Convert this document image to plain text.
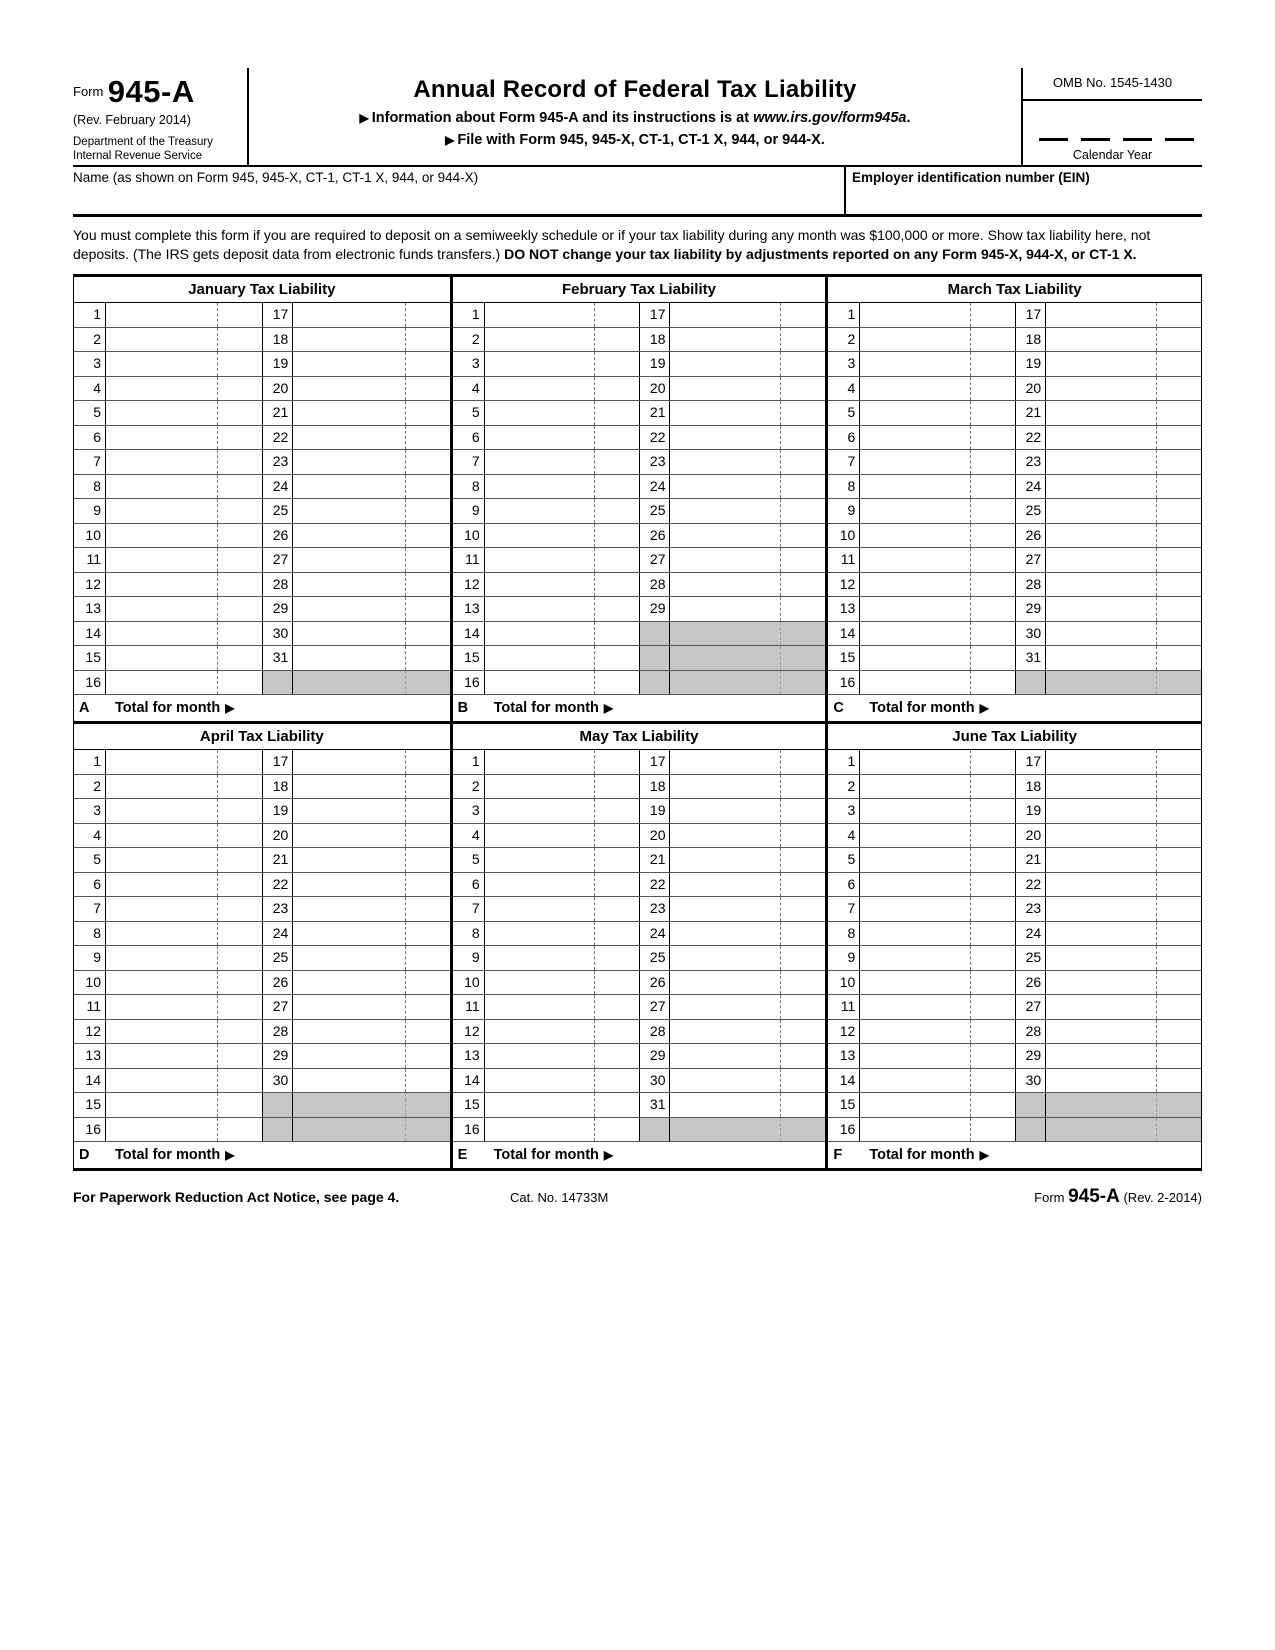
$^{Form}$ 945-A
(Rev. February 2014)
Department of the Treasury
Internal Revenue Service
Annual Record of Federal Tax Liability
▶ Information about Form 945-A and its instructions is at www.irs.gov/form945a.
▶ File with Form 945, 945-X, CT-1, CT-1 X, 944, or 944-X.
OMB No. 1545-1430
Calendar Year
Name (as shown on Form 945, 945-X, CT-1, CT-1 X, 944, or 944-X)	Employer identification number (EIN)
You must complete this form if you are required to deposit on a semiweekly schedule or if your tax liability during any month was $100,000 or more. Show tax liability here, not deposits. (The IRS gets deposit data from electronic funds transfers.) DO NOT change your tax liability by adjustments reported on any Form 945-X, 944-X, or CT-1 X.
January Tax Liability
1	17
2	18
3	19
4	20
5	21
6	22
7	23
8	24
9	25
10	26
11	27
12	28
13	29
14	30
15	31
16
A	Total for month ▶
February Tax Liability
1	17
2	18
3	19
4	20
5	21
6	22
7	23
8	24
9	25
10	26
11	27
12	28
13	29
14
15
16
B	Total for month ▶
March Tax Liability
1	17
2	18
3	19
4	20
5	21
6	22
7	23
8	24
9	25
10	26
11	27
12	28
13	29
14	30
15	31
16
C	Total for month ▶
April Tax Liability
1	17
2	18
3	19
4	20
5	21
6	22
7	23
8	24
9	25
10	26
11	27
12	28
13	29
14	30
15
16
D	Total for month ▶
May Tax Liability
1	17
2	18
3	19
4	20
5	21
6	22
7	23
8	24
9	25
10	26
11	27
12	28
13	29
14	30
15	31
16
E	Total for month ▶
June Tax Liability
1	17
2	18
3	19
4	20
5	21
6	22
7	23
8	24
9	25
10	26
11	27
12	28
13	29
14	30
15
16
F	Total for month ▶
For Paperwork Reduction Act Notice, see page 4.	Cat. No. 14733M	Form 945-A (Rev. 2-2014)
